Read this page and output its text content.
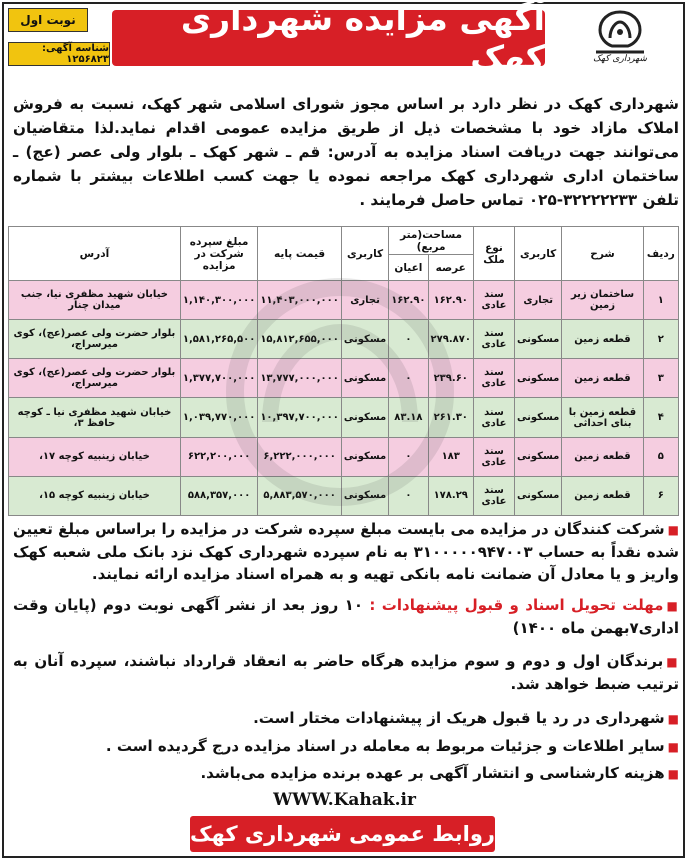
شهرداری کهک
آگهی مزایده شهرداری کهک
نوبت اول
شناسه آگهی: ۱۲۵۶۸۲۳

شهرداری کهک در نظر دارد بر اساس مجوز شورای اسلامی شهر کهک، نسبت به فروش املاک مازاد خود با مشخصات ذیل از طریق مزایده عمومی اقدام نماید.لذا متقاضیان می‌توانند جهت دریافت اسناد مزایده به آدرس: قم ـ شهر کهک ـ بلوار ولی عصر (عج) ـ ساختمان اداری شهرداری کهک مراجعه نموده یا جهت کسب اطلاعات بیشتر با شماره تلفن ۳۲۲۲۲۲۳۳-۰۲۵ تماس حاصل فرمایند .

ردیف	شرح	کاربری	نوع ملک	مساحت(متر مربع)		کاربری	قیمت پایه	مبلغ سپرده شرکت در مزایده	آدرس
				عرصه	اعیان				
۱	ساختمان زیر زمین	تجاری	سند عادی	۱۶۲.۹۰	۱۶۲.۹۰	تجاری	۱۱,۴۰۳,۰۰۰,۰۰۰	۱,۱۴۰,۳۰۰,۰۰۰	خیابان شهید مظفری نیا، جنب میدان چنار
۲	قطعه زمین	مسکونی	سند عادی	۲۷۹.۸۷۰	۰	مسکونی	۱۵,۸۱۲,۶۵۵,۰۰۰	۱,۵۸۱,۲۶۵,۵۰۰	بلوار حضرت ولی عصر(عج)، کوی میرسراج،
۳	قطعه زمین	مسکونی	سند عادی	۲۳۹.۶۰	۰	مسکونی	۱۳,۷۷۷,۰۰۰,۰۰۰	۱,۳۷۷,۷۰۰,۰۰۰	بلوار حضرت ولی عصر(عج)، کوی میرسراج،
۴	قطعه زمین با بنای احداثی	مسکونی	سند عادی	۲۶۱.۳۰	۸۳.۱۸	مسکونی	۱۰,۳۹۷,۷۰۰,۰۰۰	۱,۰۳۹,۷۷۰,۰۰۰	خیابان شهید مظفری نیا ـ کوچه حافظ ۳،
۵	قطعه زمین	مسکونی	سند عادی	۱۸۳	۰	مسکونی	۶,۲۲۲,۰۰۰,۰۰۰	۶۲۲,۲۰۰,۰۰۰	خیابان زینبیه کوچه ۱۷،
۶	قطعه زمین	مسکونی	سند عادی	۱۷۸.۲۹	۰	مسکونی	۵,۸۸۳,۵۷۰,۰۰۰	۵۸۸,۳۵۷,۰۰۰	خیابان زینبیه کوچه ۱۵،

■شرکت کنندگان در مزایده می بایست مبلغ سپرده شرکت در مزایده را براساس مبلغ تعیین شده نقداً به حساب ۳۱۰۰۰۰۰۹۴۷۰۰۳ به نام سپرده شهرداری کهک نزد بانک ملی شعبه کهک واریز و یا معادل آن ضمانت نامه بانکی تهیه و به همراه اسناد مزایده ارائه نمایند.

■مهلت تحویل اسناد و قبول پیشنهادات : ۱۰ روز بعد از نشر آگهی نوبت دوم (پایان وقت اداری۷بهمن ماه ۱۴۰۰)

■برندگان اول و دوم و سوم مزایده هرگاه حاضر به انعقاد قرارداد نباشند، سپرده آنان به ترتیب ضبط خواهد شد.

■شهرداری در رد یا قبول هریک از پیشنهادات مختار است.

■سایر اطلاعات و جزئیات مربوط به معامله در اسناد مزایده درج گردیده است .

■هزینه کارشناسی و انتشار آگهی بر عهده برنده مزایده می‌باشد.

WWW.Kahak.ir
روابط عمومی شهرداری کهک
